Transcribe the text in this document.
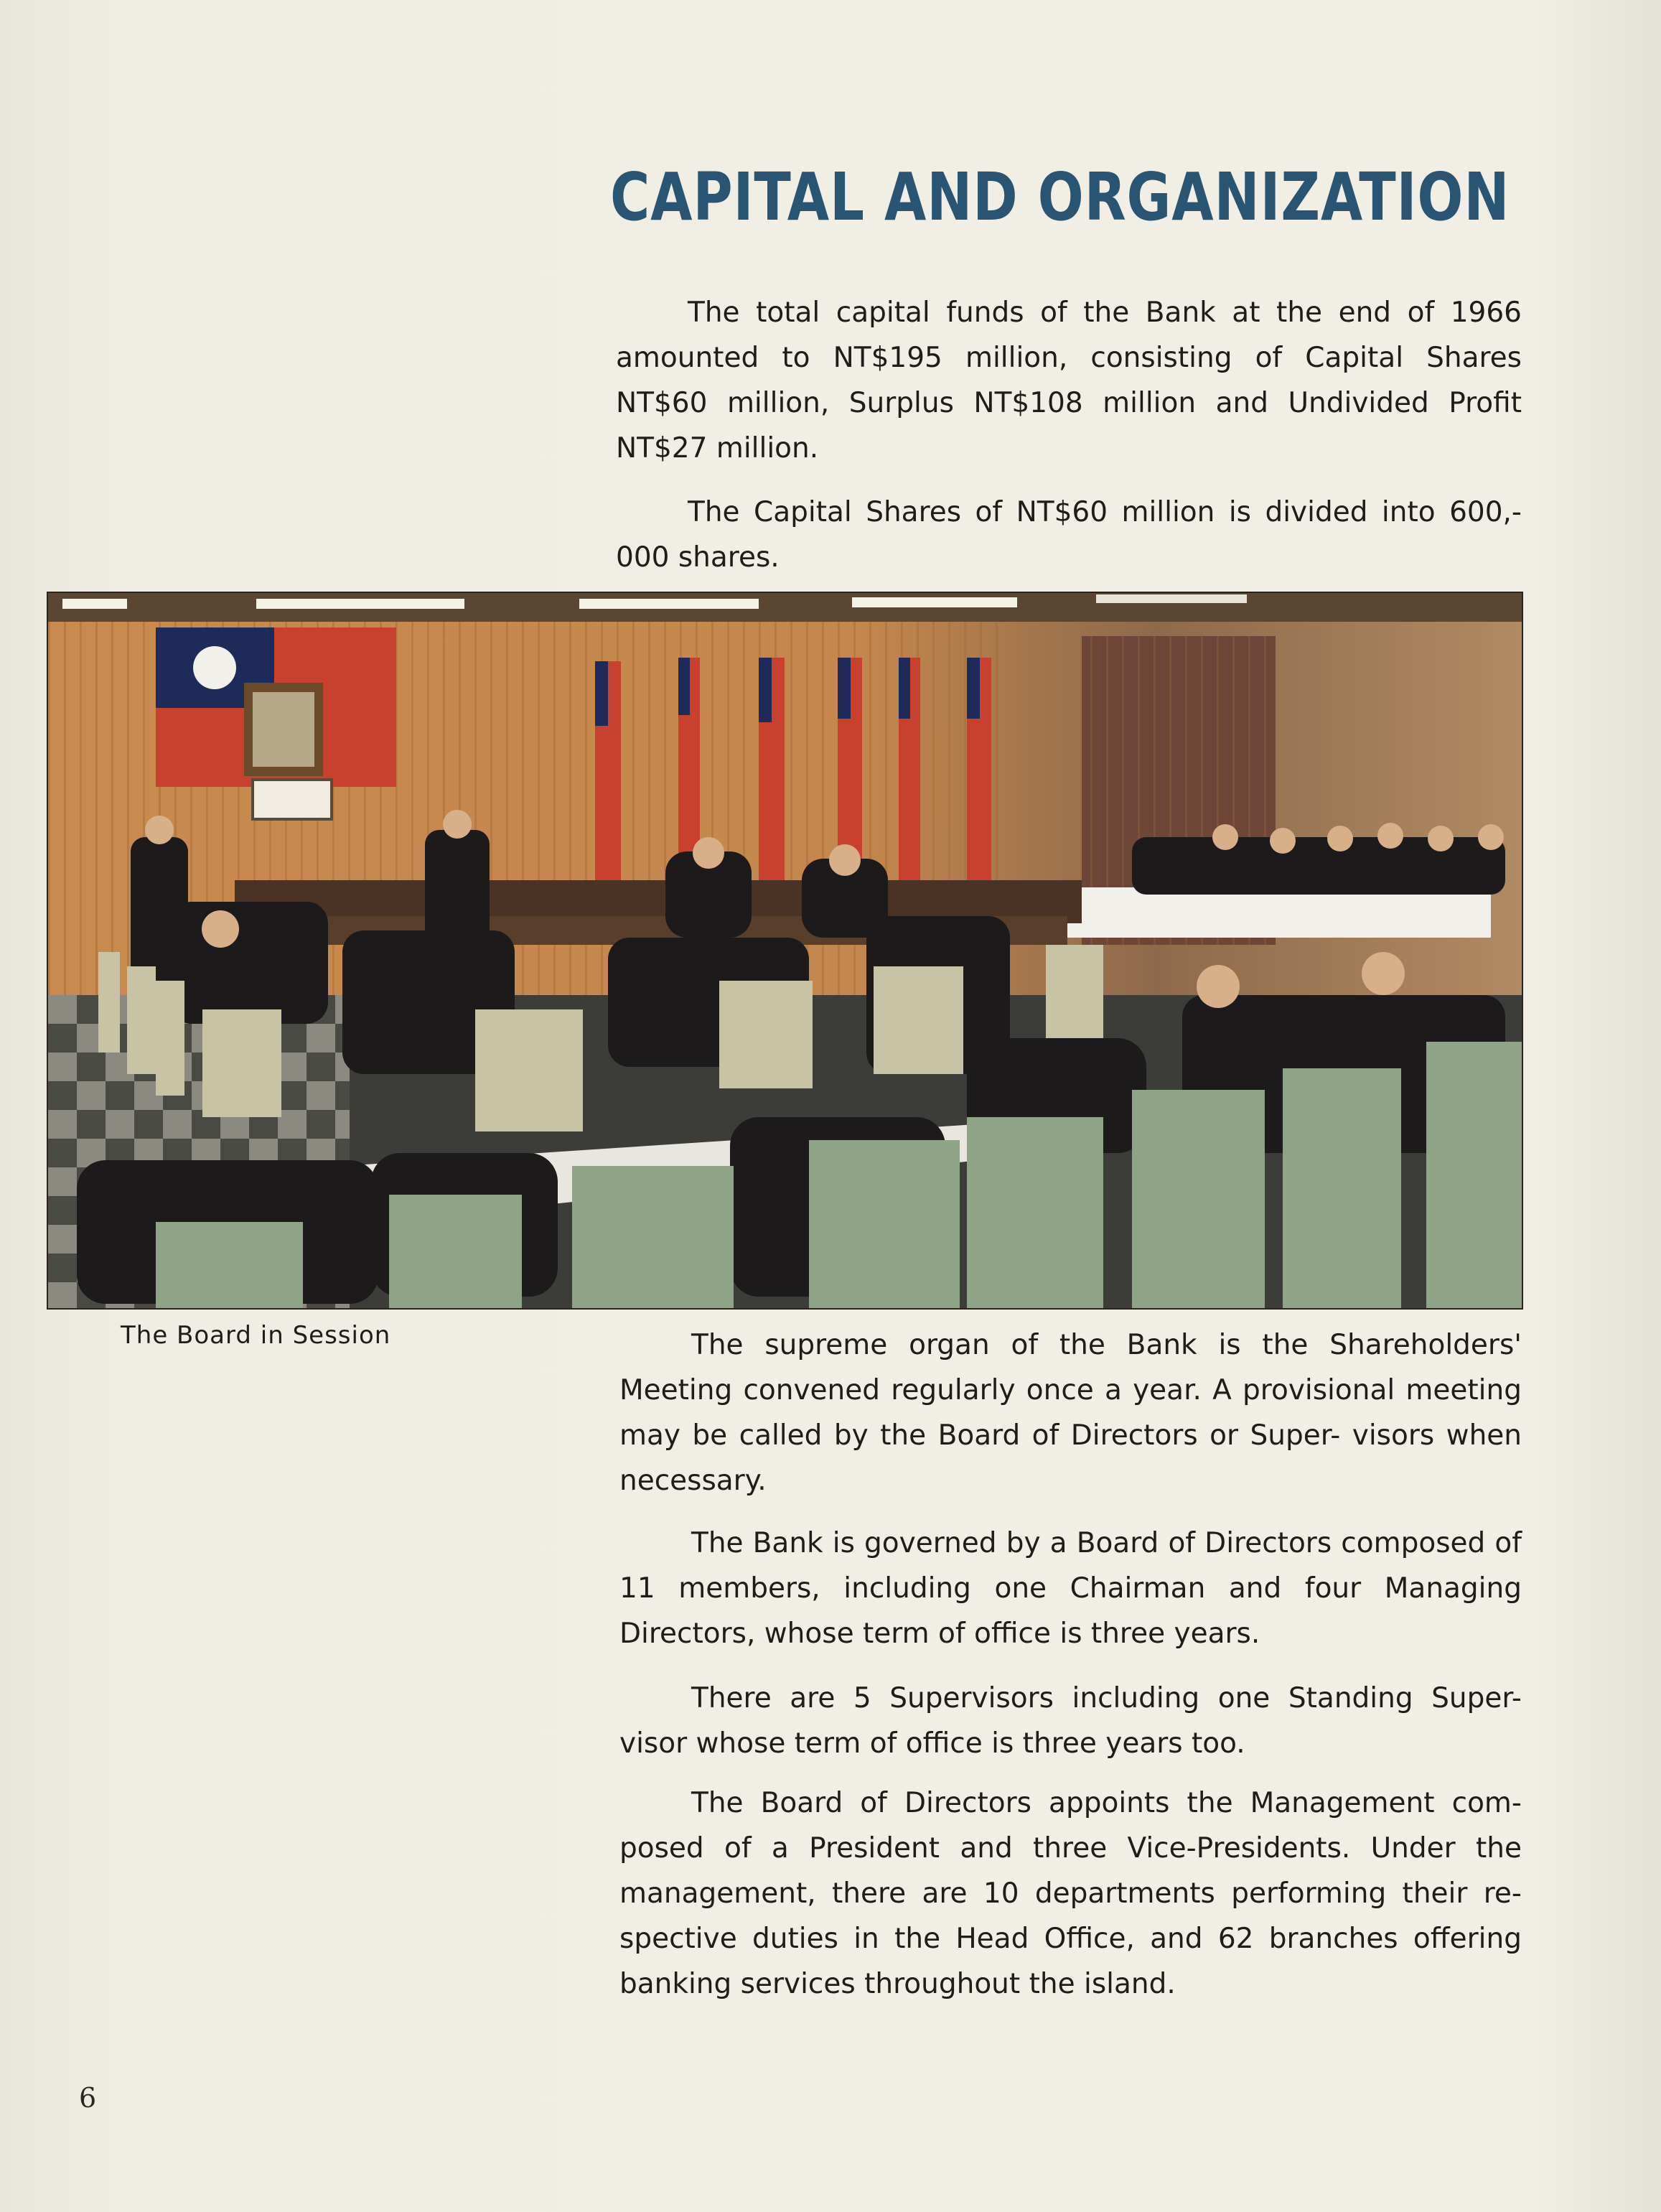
CAPITAL AND ORGANIZATION

The total capital funds of the Bank at the end of 1966 amounted to NT$195 million, consisting of Capital Shares NT$60 million, Surplus NT$108 million and Undivided Profit NT$27 million.

The Capital Shares of NT$60 million is divided into 600,- 000 shares.

The Board in Session	The supreme organ of the Bank is the Shareholders' Meeting convened regularly once a year. A provisional meeting may be called by the Board of Directors or Super- visors when necessary.

The Bank is governed by a Board of Directors composed of 11 members, including one Chairman and four Managing Directors, whose term of office is three years.

There are 5 Supervisors including one Standing Super- visor whose term of office is three years too.

The Board of Directors appoints the Management com- posed of a President and three Vice-Presidents. Under the management, there are 10 departments performing their re- spective duties in the Head Office, and 62 branches offering banking services throughout the island.

6
